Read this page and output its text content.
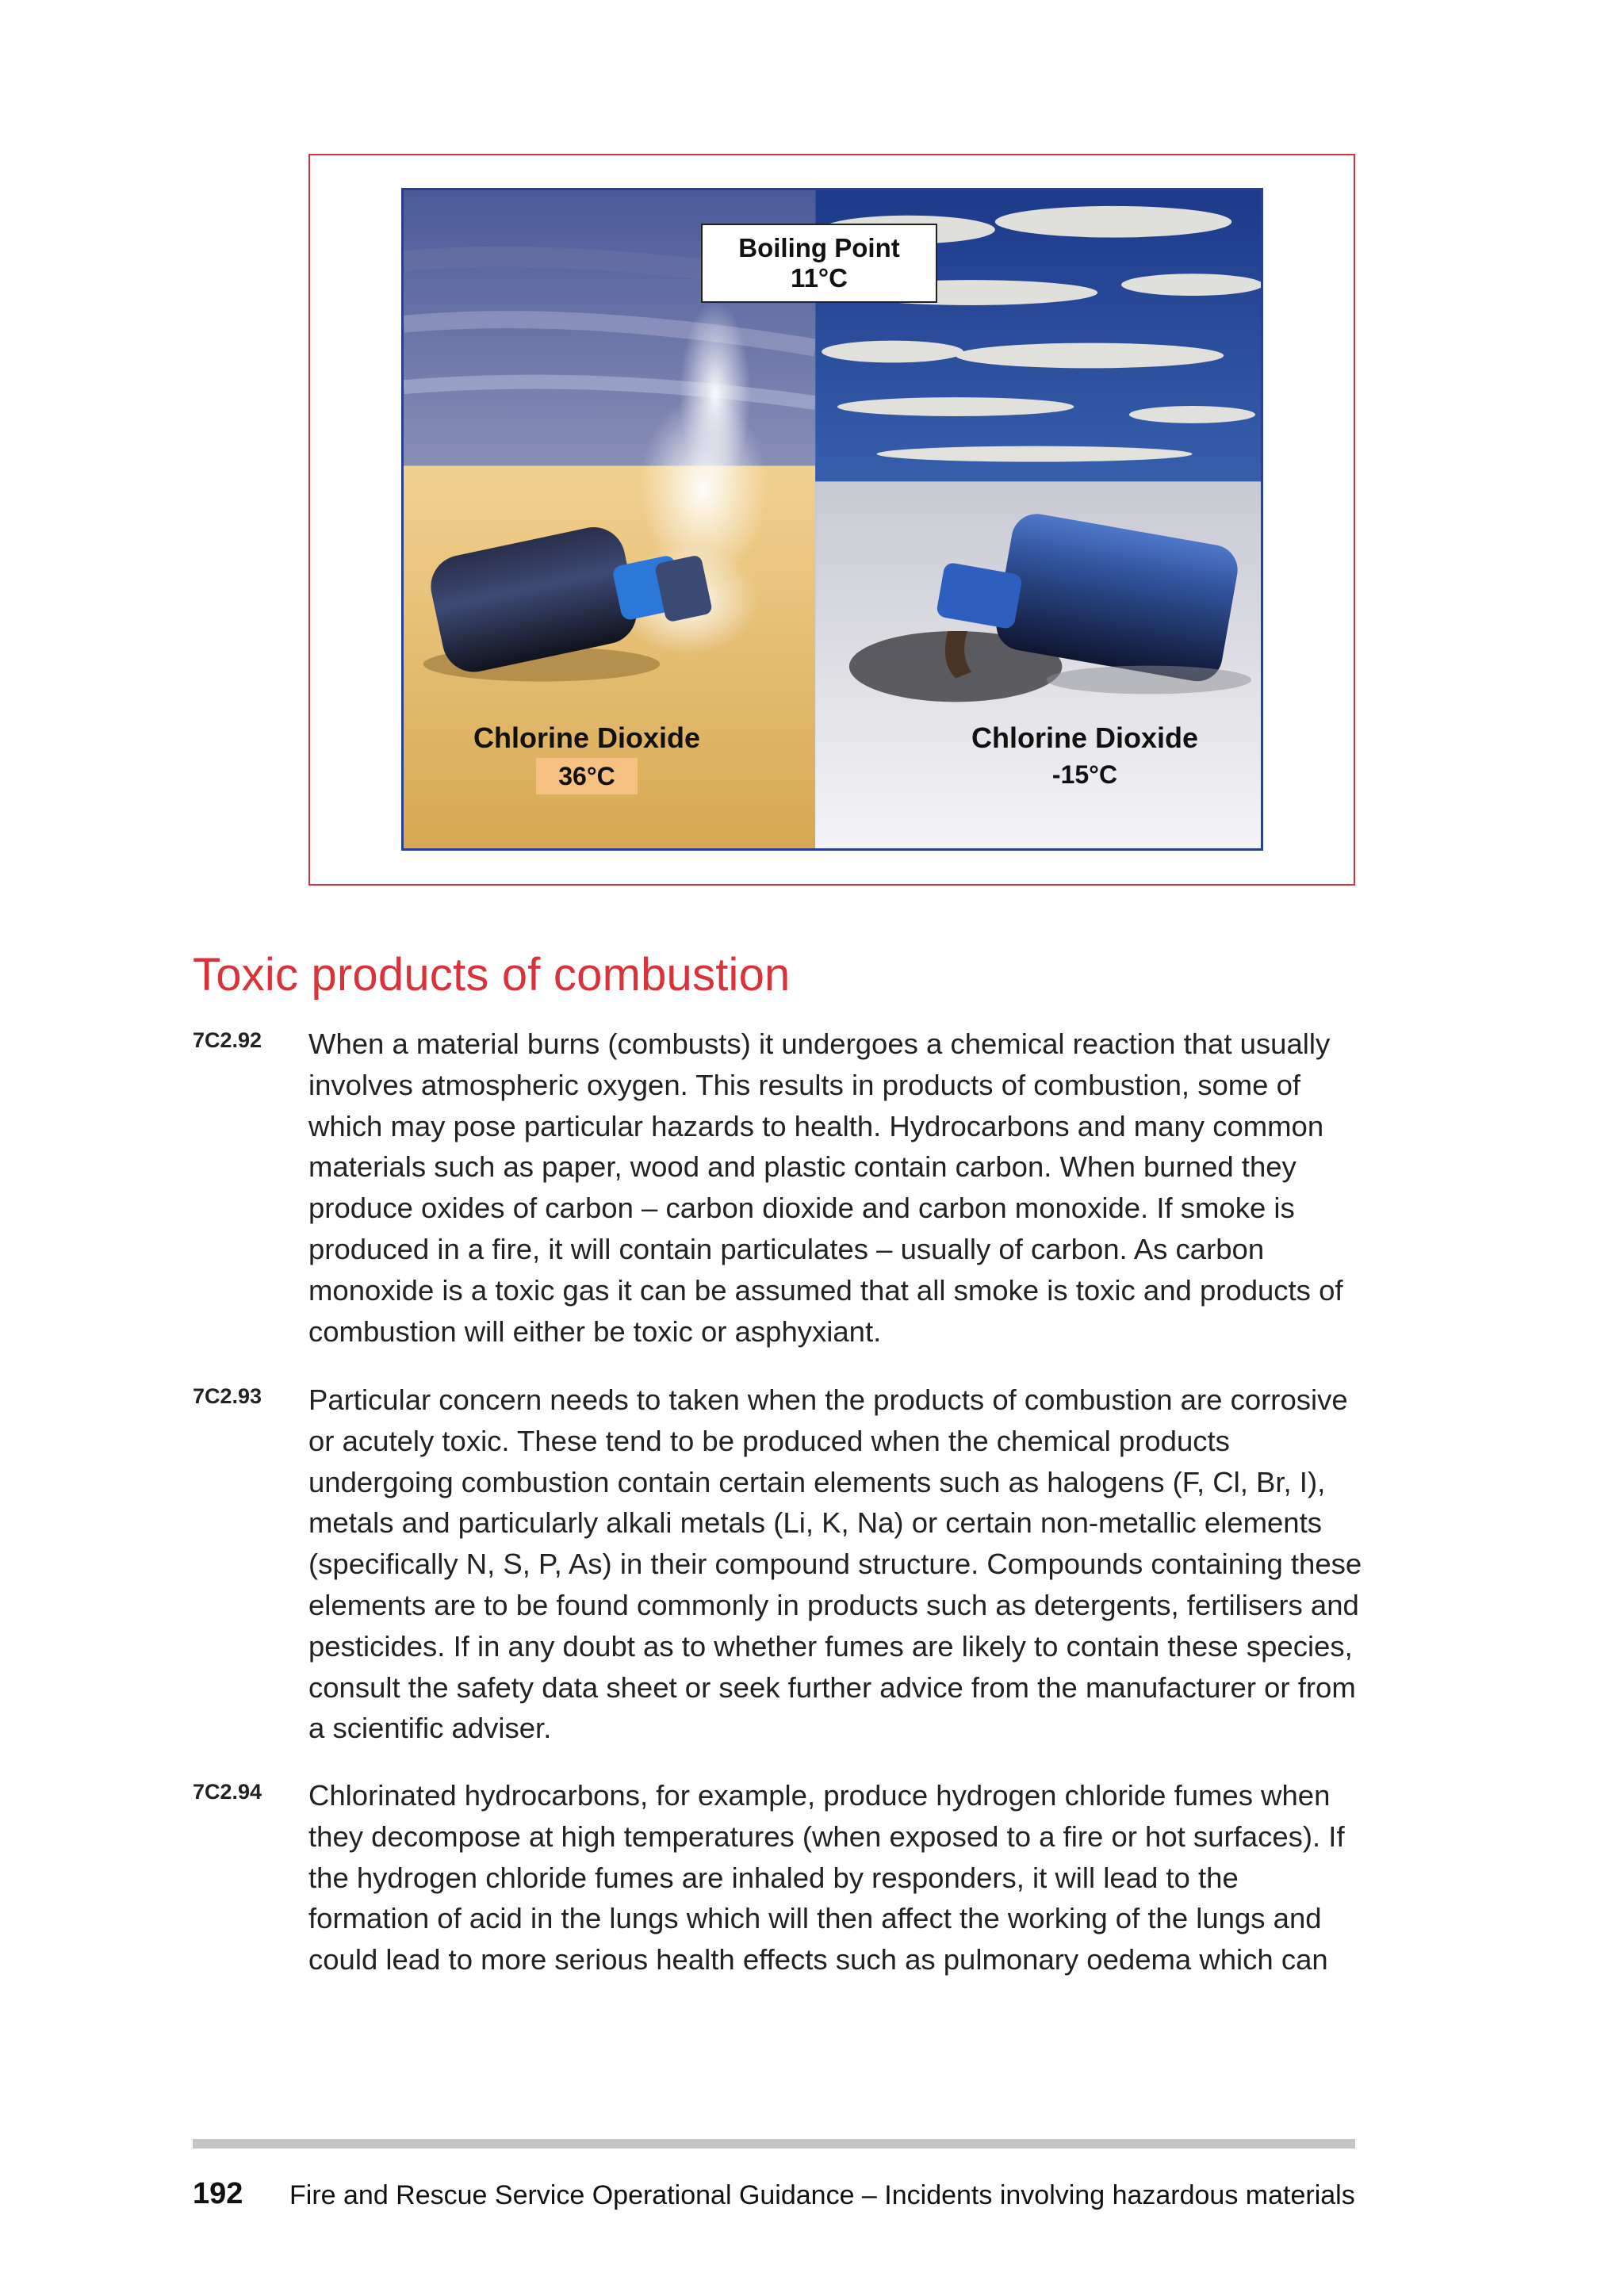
Boiling Point
11°C
Chlorine Dioxide
36°C
Chlorine Dioxide
-15°C
Toxic products of combustion
7C2.92 When a material burns (combusts) it undergoes a chemical reaction that usually involves atmospheric oxygen. This results in products of combustion, some of which may pose particular hazards to health. Hydrocarbons and many common materials such as paper, wood and plastic contain carbon. When burned they produce oxides of carbon – carbon dioxide and carbon monoxide. If smoke is produced in a fire, it will contain particulates – usually of carbon. As carbon monoxide is a toxic gas it can be assumed that all smoke is toxic and products of combustion will either be toxic or asphyxiant.

7C2.93 Particular concern needs to taken when the products of combustion are corrosive or acutely toxic. These tend to be produced when the chemical products undergoing combustion contain certain elements such as halogens (F, Cl, Br, I), metals and particularly alkali metals (Li, K, Na) or certain non-metallic elements (specifically N, S, P, As) in their compound structure. Compounds containing these elements are to be found commonly in products such as detergents, fertilisers and pesticides. If in any doubt as to whether fumes are likely to contain these species, consult the safety data sheet or seek further advice from the manufacturer or from a scientific adviser.

7C2.94 Chlorinated hydrocarbons, for example, produce hydrogen chloride fumes when they decompose at high temperatures (when exposed to a fire or hot surfaces). If the hydrogen chloride fumes are inhaled by responders, it will lead to the formation of acid in the lungs which will then affect the working of the lungs and could lead to more serious health effects such as pulmonary oedema which can

192 Fire and Rescue Service Operational Guidance – Incidents involving hazardous materials
